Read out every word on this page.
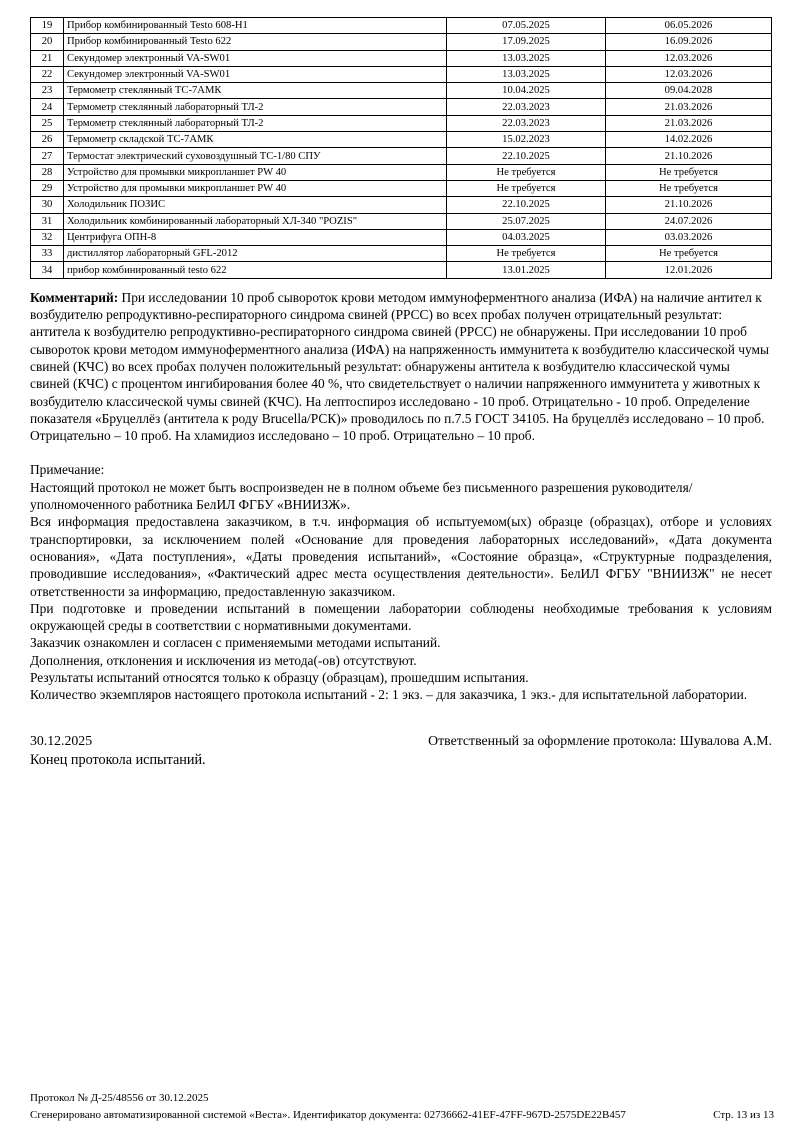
19	Прибор комбинированный Testo 608-H1	07.05.2025	06.05.2026
20	Прибор комбинированный Testo 622	17.09.2025	16.09.2026
21	Секундомер электронный VA-SW01	13.03.2025	12.03.2026
22	Секундомер электронный VA-SW01	13.03.2025	12.03.2026
23	Термометр стеклянный ТС-7АМК	10.04.2025	09.04.2028
24	Термометр стеклянный лабораторный ТЛ-2	22.03.2023	21.03.2026
25	Термометр стеклянный лабораторный ТЛ-2	22.03.2023	21.03.2026
26	Термометр складской ТС-7АМК	15.02.2023	14.02.2026
27	Термостат электрический суховоздушный ТС-1/80 СПУ	22.10.2025	21.10.2026
28	Устройство для промывки микропланшет PW 40	Не требуется	Не требуется
29	Устройство для промывки микропланшет PW 40	Не требуется	Не требуется
30	Холодильник ПОЗИС	22.10.2025	21.10.2026
31	Холодильник комбинированный лабораторный ХЛ-340 "POZIS"	25.07.2025	24.07.2026
32	Центрифуга ОПН-8	04.03.2025	03.03.2026
33	дистиллятор лабораторный GFL-2012	Не требуется	Не требуется
34	прибор комбинированный testo 622	13.01.2025	12.01.2026

Комментарий: При исследовании 10 проб сывороток крови методом иммуноферментного анализа (ИФА) на наличие антител к возбудителю репродуктивно-респираторного синдрома свиней (РРСС) во всех пробах получен отрицательный результат: антитела к возбудителю репродуктивно-респираторного синдрома свиней (РРСС) не обнаружены. При исследовании 10 проб сывороток крови методом иммуноферментного анализа (ИФА) на напряженность иммунитета к возбудителю классической чумы свиней (КЧС) во всех пробах получен положительный результат: обнаружены антитела к возбудителю классической чумы свиней (КЧС) с процентом ингибирования более 40 %, что свидетельствует о наличии напряженного иммунитета у животных к возбудителю классической чумы свиней (КЧС). На лептоспироз исследовано - 10 проб. Отрицательно - 10 проб. Определение показателя «Бруцеллёз (антитела к роду Brucella/РСК)» проводилось по п.7.5 ГОСТ 34105. На бруцеллёз исследовано – 10 проб. Отрицательно – 10 проб. На хламидиоз исследовано – 10 проб. Отрицательно – 10 проб.

Примечание:

Настоящий протокол не может быть воспроизведен не в полном объеме без письменного разрешения руководителя/уполномоченного работника БелИЛ ФГБУ «ВНИИЗЖ».

Вся информация предоставлена заказчиком, в т.ч. информация об испытуемом(ых) образце (образцах), отборе и условиях транспортировки, за исключением полей «Основание для проведения лабораторных исследований», «Дата документа основания», «Дата поступления», «Даты проведения испытаний», «Состояние образца», «Структурные подразделения, проводившие исследования», «Фактический адрес места осуществления деятельности». БелИЛ ФГБУ "ВНИИЗЖ" не несет ответственности за информацию, предоставленную заказчиком.

При подготовке и проведении испытаний в помещении лаборатории соблюдены необходимые требования к условиям окружающей среды в соответствии с нормативными документами.

Заказчик ознакомлен и согласен с применяемыми методами испытаний.

Дополнения, отклонения и исключения из метода(-ов) отсутствуют.

Результаты испытаний относятся только к образцу (образцам), прошедшим испытания.

Количество экземпляров настоящего протокола испытаний - 2: 1 экз. – для заказчика, 1 экз.- для испытательной лаборатории.

30.12.2025	Ответственный за оформление протокола: Шувалова А.М.

Конец протокола испытаний.

Протокол № Д-25/48556 от 30.12.2025
Сгенерировано автоматизированной системой «Веста». Идентификатор документа: 02736662-41EF-47FF-967D-2575DE22B457	Стр. 13 из 13
